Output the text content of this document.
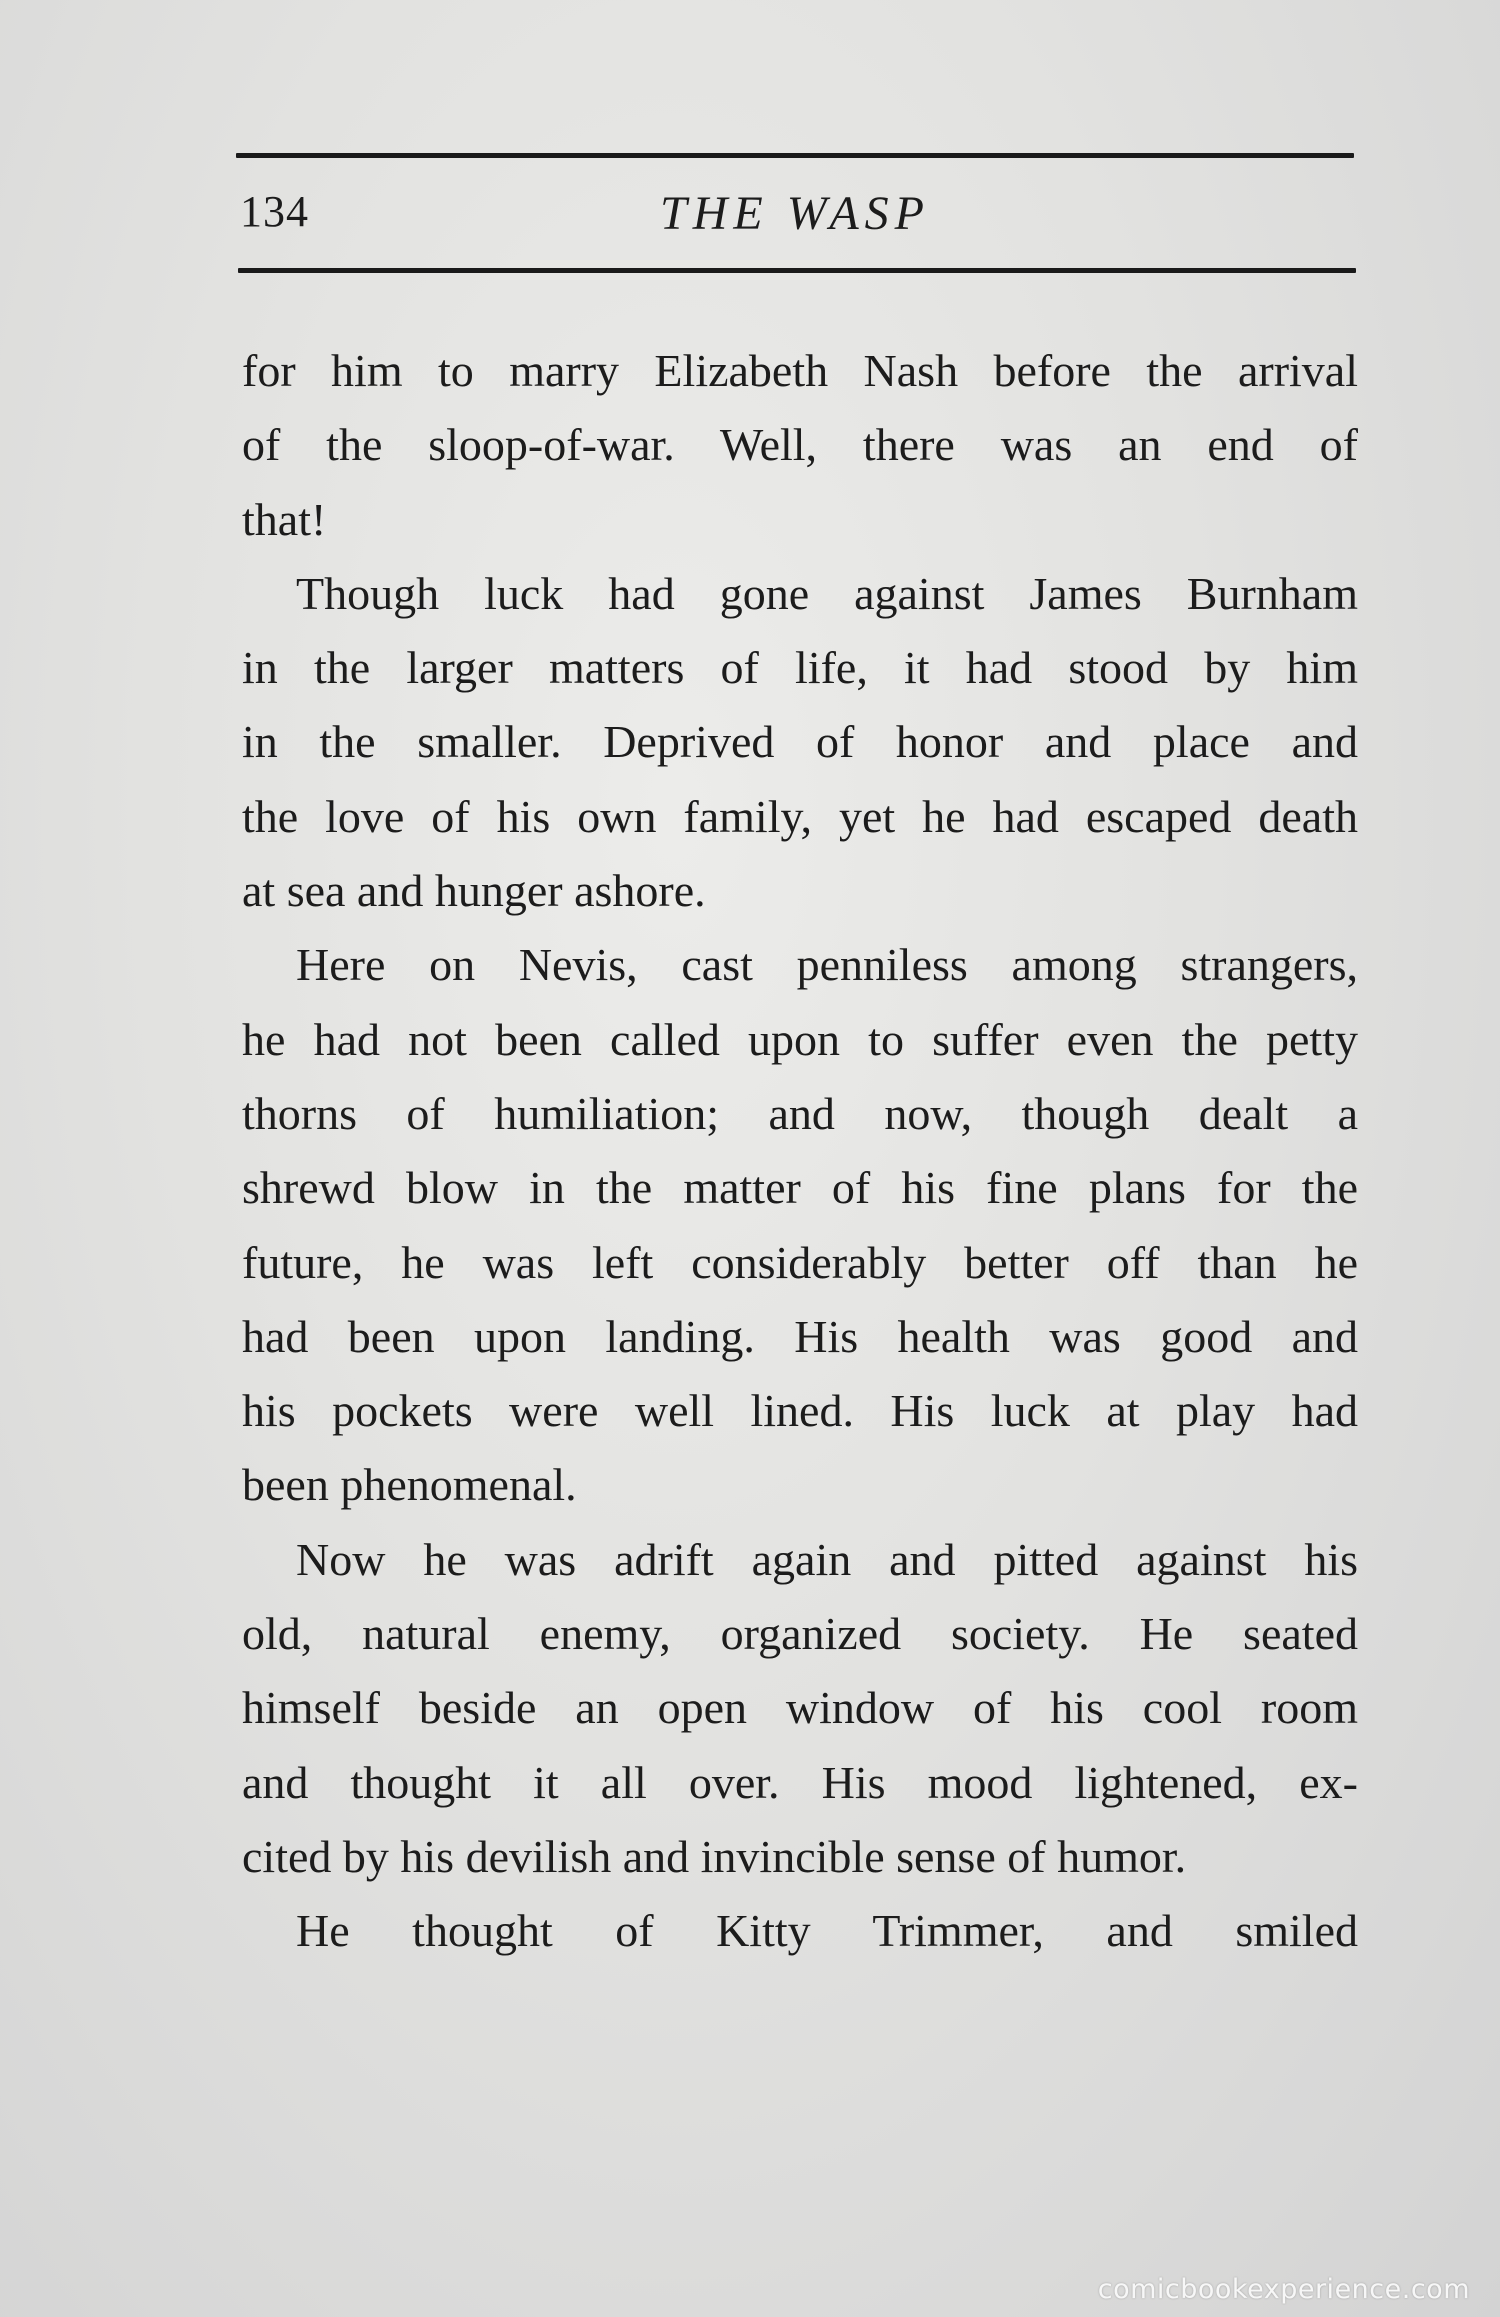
134	THE WASP
for him to marry Elizabeth Nash before the arrival
of the sloop-of-war. Well, there was an end of
that!
Though luck had gone against James Burnham
in the larger matters of life, it had stood by him
in the smaller. Deprived of honor and place and
the love of his own family, yet he had escaped death
at sea and hunger ashore.
Here on Nevis, cast penniless among strangers,
he had not been called upon to suffer even the petty
thorns of humiliation; and now, though dealt a
shrewd blow in the matter of his fine plans for the
future, he was left considerably better off than he
had been upon landing. His health was good and
his pockets were well lined. His luck at play had
been phenomenal.
Now he was adrift again and pitted against his
old, natural enemy, organized society. He seated
himself beside an open window of his cool room
and thought it all over. His mood lightened, ex-
cited by his devilish and invincible sense of humor.
He thought of Kitty Trimmer, and smiled
comicbookexperience.com
